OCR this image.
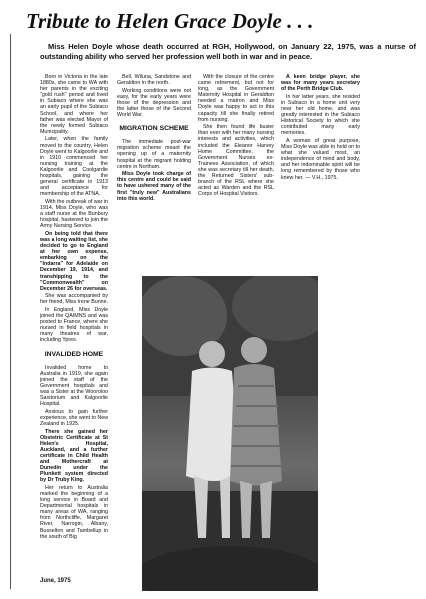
Tribute to Helen Grace Doyle . . .
Miss Helen Doyle whose death occurred at RGH, Hollywood, on January 22, 1975, was a nurse of outstanding ability who served her profession well both in war and in peace.

Born in Victoria in the late 1880s, she came to WA with her parents in the exciting "gold rush" period and lived in Subiaco where she was an early pupil of the Subiaco School, and where her father was elected Mayor of the newly formed Subiaco Municipality.

Later, when the family moved to the country, Helen Doyle went to Kalgoorlie and in 1910 commenced her nursing training at the Kalgoorlie and Coolgardie hospitals, gaining the general certificate in 1913 and acceptance for membership of the ATNA.

With the outbreak of war in 1914, Miss Doyle, who was a staff nurse at the Bunbury hospital, hastened to join the Army Nursing Service.

On being told that there was a long waiting list, she decided to go to England at her own expense, embarking on the "Indarra" for Adelaide on December 19, 1914, and transhipping to the "Commonwealth" on December 26 for overseas.

She was accompanied by her friend, Miss Irene Bunne.

In England, Miss Doyle joined the QAIMNS and was posted to France, where she nursed in field hospitals in many theatres of war, including Ypres.

INVALIDED HOME

Invalided home to Australia in 1919, she again joined the staff of the Government hospitals and was a Sister at the Wooroloo Sanitorium and Kalgoorlie Hospital.

Anxious to gain further experience, she went to New Zealand in 1925.

There she gained her Obstetric Certificate at St Helen's Hospital, Auckland, and a further certificate in Child Health and Mothercraft at Dunedin under the Plunkett system directed by Dr Truby King.

Her return to Australia marked the beginning of a long service in Board and Departmental hospitals in many areas of WA, ranging from Northcliffe, Margaret River, Narrogin, Albany, Busselton and Tambellup in the south of Big

Bell, Wiluna, Sandstone and Geraldton in the north.

Working conditions were not easy, for the early years were those of the depression and the latter those of the Second World War.

MIGRATION SCHEME

The immediate post-war migration scheme meant the opening up of a maternity hospital at the migrant holding centre in Northam.

Miss Doyle took charge of this centre and could be said to have ushered many of the first "truly new" Australians into this world.

With the closure of the centre came retirement, but not for long, as the Government Maternity Hospital in Geraldton needed a matron and Miss Doyle was happy to act in this capacity till she finally retired from nursing.

She then found life busier than ever with her many nursing interests and activities, which included the Eleanor Harvey Home Committee, the Government Nurses ex-Trainees Association, of which she was secretary till her death, the Returned Sisters' sub-branch of the RSL where she acted as Warden and the RSL Corps of Hospital Visitors.

A keen bridge player, she was for many years secretary of the Perth Bridge Club.

In her latter years, she resided in Subiaco in a home unit very near her old home, and was greatly interested in the Subiaco Historical Society to which she contributed many early memories.

A woman of great purpose, Miss Doyle was able to hold on to what she valued most, an independence of mind and body, and her indominable spirit will be long remembered by those who knew her. — V.H., 1975.

June, 1975
